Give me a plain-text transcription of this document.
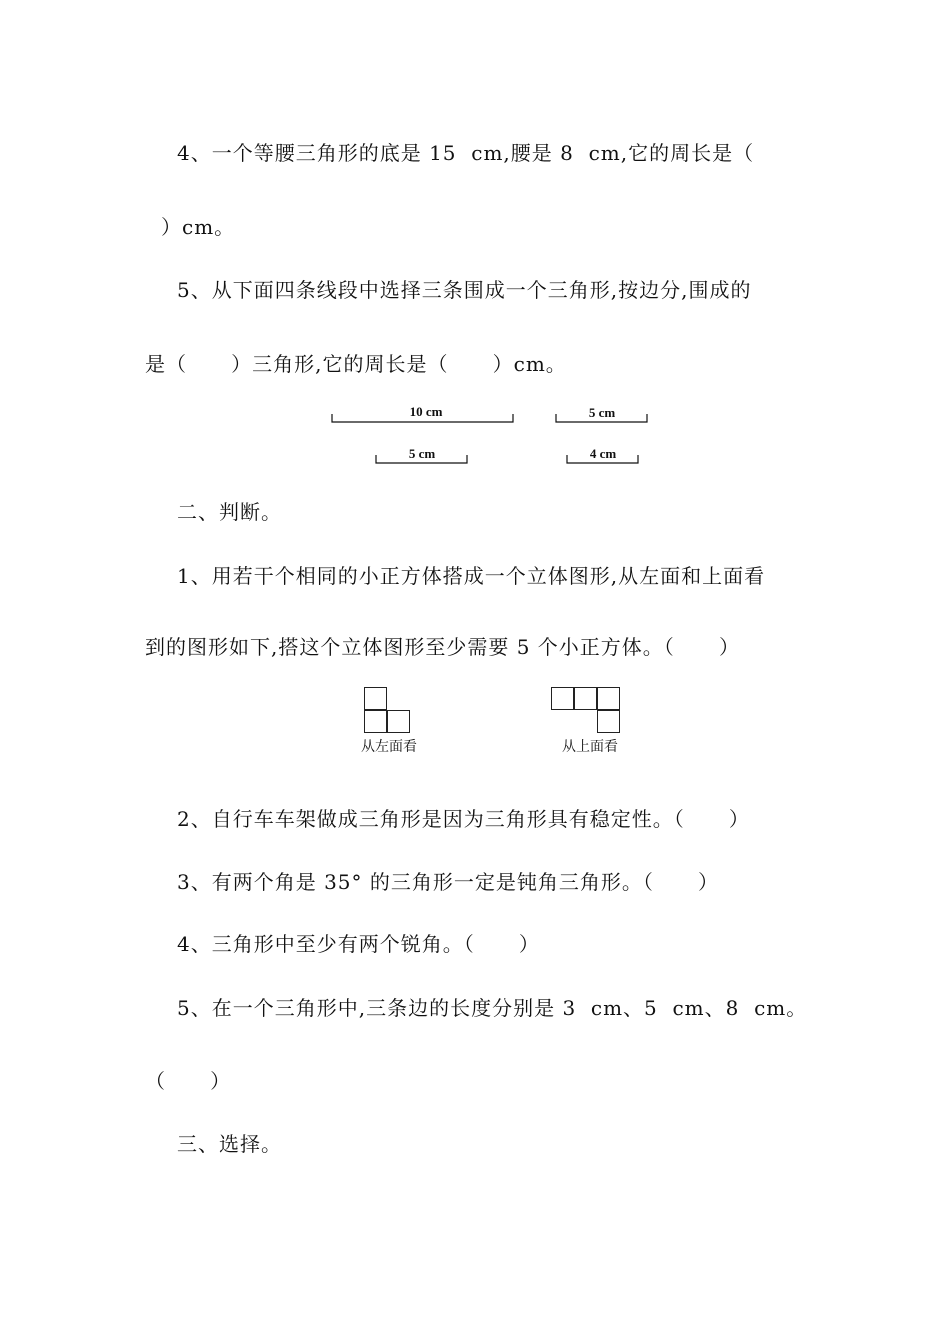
4、一个等腰三角形的底是 15  cm,腰是 8  cm,它的周长是（
）cm。
5、从下面四条线段中选择三条围成一个三角形,按边分,围成的
是（      ）三角形,它的周长是（      ）cm。
10 cm	5 cm
5 cm	4 cm
二、判断。
1、用若干个相同的小正方体搭成一个立体图形,从左面和上面看
到的图形如下,搭这个立体图形至少需要 5 个小正方体。（      ）
从左面看	从上面看
2、自行车车架做成三角形是因为三角形具有稳定性。（      ）
3、有两个角是 35° 的三角形一定是钝角三角形。（      ）
4、三角形中至少有两个锐角。（      ）
5、在一个三角形中,三条边的长度分别是 3  cm、5  cm、8  cm。
（      ）
三、选择。
